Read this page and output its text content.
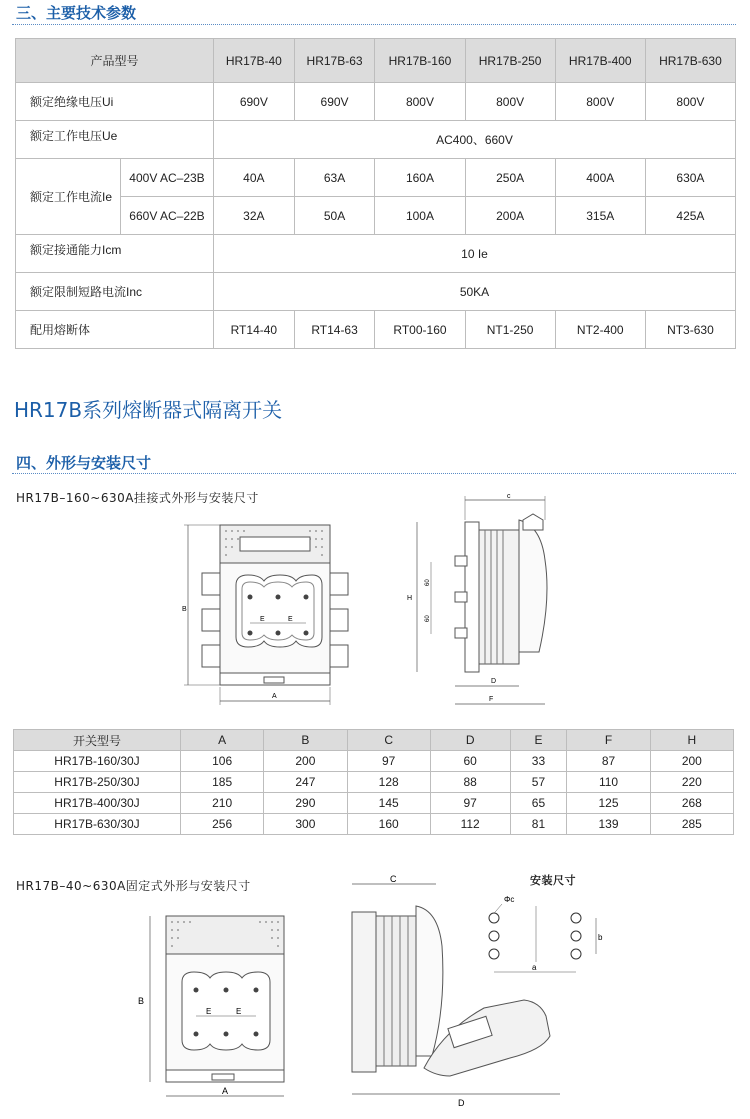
三、主要技术参数
产品型号		HR17B-40	HR17B-63	HR17B-160	HR17B-250	HR17B-400	HR17B-630
额定绝缘电压Ui		690V	690V	800V	800V	800V	800V
额定工作电压Ue		AC400、660V					
额定工作电流Ie	400V AC–23B	40A	63A	160A	250A	400A	630A
	660V AC–22B	32A	50A	100A	200A	315A	425A
额定接通能力Icm		10 Ie					
额定限制短路电流Inc		50KA					
配用熔断体		RT14-40	RT14-63	RT00-160	NT1-250	NT2-400	NT3-630
HR17B系列熔断器式隔离开关
四、外形与安装尺寸
HR17B–160~630A挂接式外形与安装尺寸
E	E
B
A
c
H
60
60
D
F
开关型号	A	B	C	D	E	F	H
HR17B-160/30J	106	200	97	60	33	87	200
HR17B-250/30J	185	247	128	88	57	110	220
HR17B-400/30J	210	290	145	97	65	125	268
HR17B-630/30J	256	300	160	112	81	139	285
HR17B–40~630A固定式外形与安装尺寸
E	E
B
A
C
D
安装尺寸
Φc
a
b
